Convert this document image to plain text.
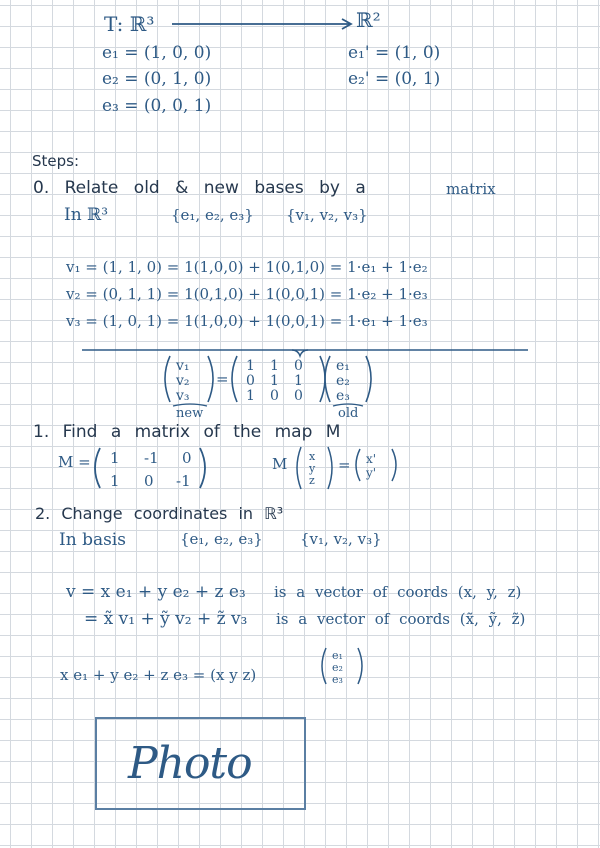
T: ℝ³	ℝ²
e₁ = (1, 0, 0)
e₂ = (0, 1, 0)
e₃ = (0, 0, 1)
e₁' = (1, 0)
e₂' = (0, 1)
Steps:
0. Relate old & new bases by a	matrix
In ℝ³	{e₁, e₂, e₃} {v₁, v₂, v₃}
v₁ = (1, 1, 0) = 1(1,0,0) + 1(0,1,0) = 1·e₁ + 1·e₂
v₂ = (0, 1, 1) = 1(0,1,0) + 1(0,0,1) = 1·e₂ + 1·e₃
v₃ = (1, 0, 1) = 1(1,0,0) + 1(0,0,1) = 1·e₁ + 1·e₃
v₁
v₂
v₃
=
1 1 0
0 1 1
1 0 0
e₁
e₂
e₃
new	old
1. Find a matrix of the map M
M = 1 -1 0
1 0 -1
M x
y
z
= x'
y'
2. Change coordinates in ℝ³
In basis	{e₁, e₂, e₃} {v₁, v₂, v₃}
v = x e₁ + y e₂ + z e₃ is a vector of coords (x, y, z)
= x̃ v₁ + ỹ v₂ + z̃ v₃ is a vector of coords (x̃, ỹ, z̃)
x e₁ + y e₂ + z e₃ = (x y z)
e₁
e₂
e₃
Photo
